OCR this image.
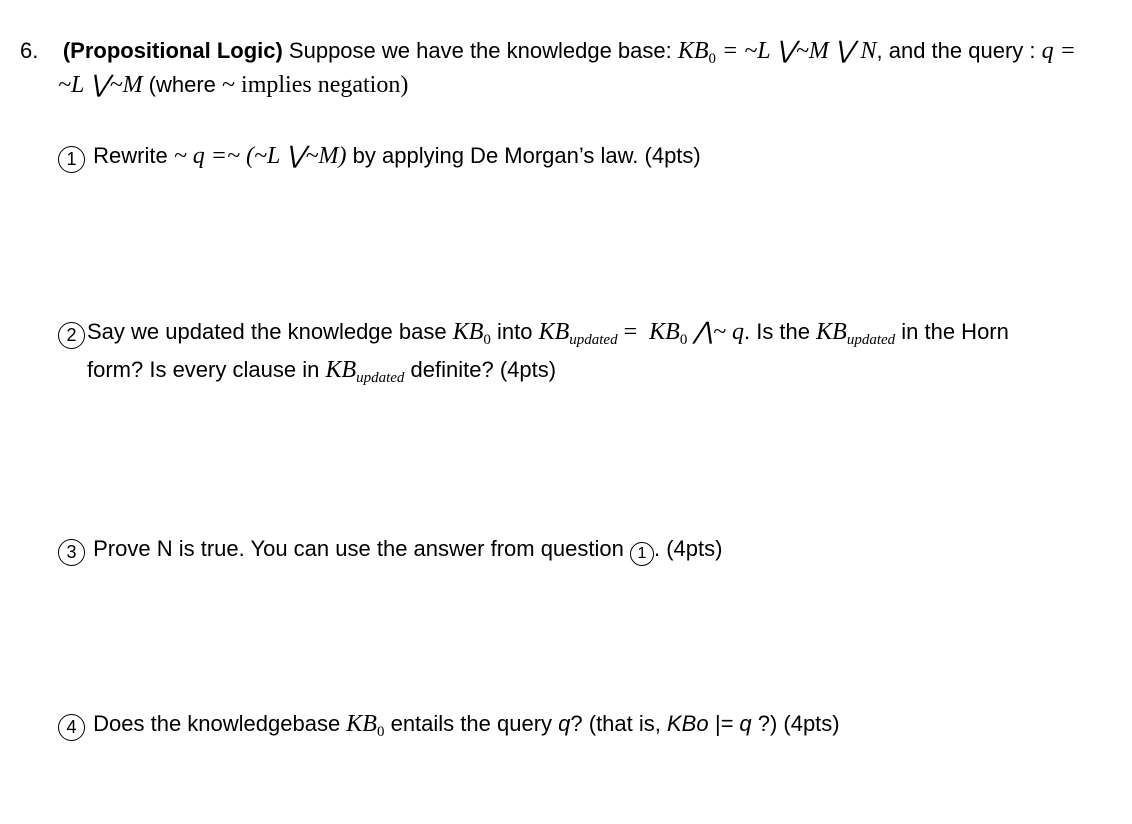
6. (Propositional Logic) Suppose we have the knowledge base: $KB_0$ = ~L ⋁~M ⋁ N, and the query : q =
~L ⋁~M (where ~ implies negation)
1 Rewrite ~ q =~ (~L ⋁~M) by applying De Morgan’s law. (4pts)
2 Say we updated the knowledge base $KB_0$ into $KB_{updated} = KB_0$ ⋀~ q. Is the $KB_{updated}$ in the Horn
form? Is every clause in $KB_{updated}$ definite? (4pts)
3 Prove N is true. You can use the answer from question 1 . (4pts)
4 Does the knowledgebase $KB_0$ entails the query q? (that is, KBo |= q ?) (4pts)
